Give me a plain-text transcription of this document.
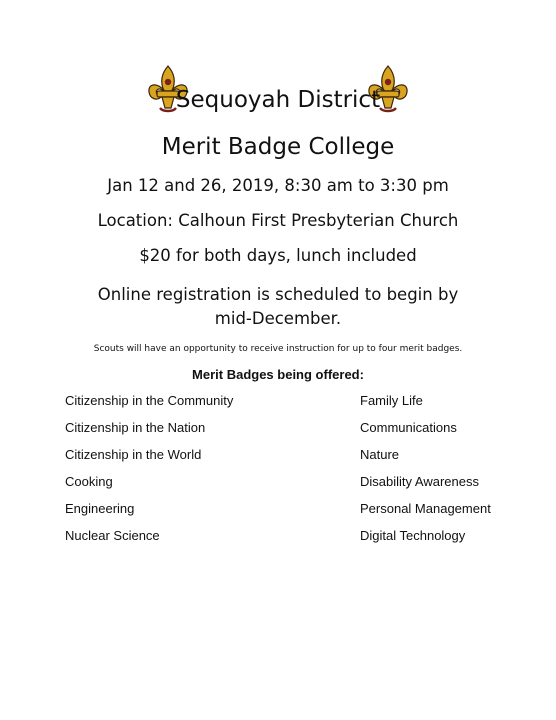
Sequoyah District
Merit Badge College
Jan 12 and 26, 2019, 8:30 am to 3:30 pm
Location: Calhoun First Presbyterian Church
$20 for both days, lunch included
Online registration is scheduled to begin by mid-December.
Scouts will have an opportunity to receive instruction for up to four merit badges.
Merit Badges being offered:
Citizenship in the Community
Citizenship in the Nation
Citizenship in the World
Cooking
Engineering
Nuclear Science
Family Life
Communications
Nature
Disability Awareness
Personal Management
Digital Technology
